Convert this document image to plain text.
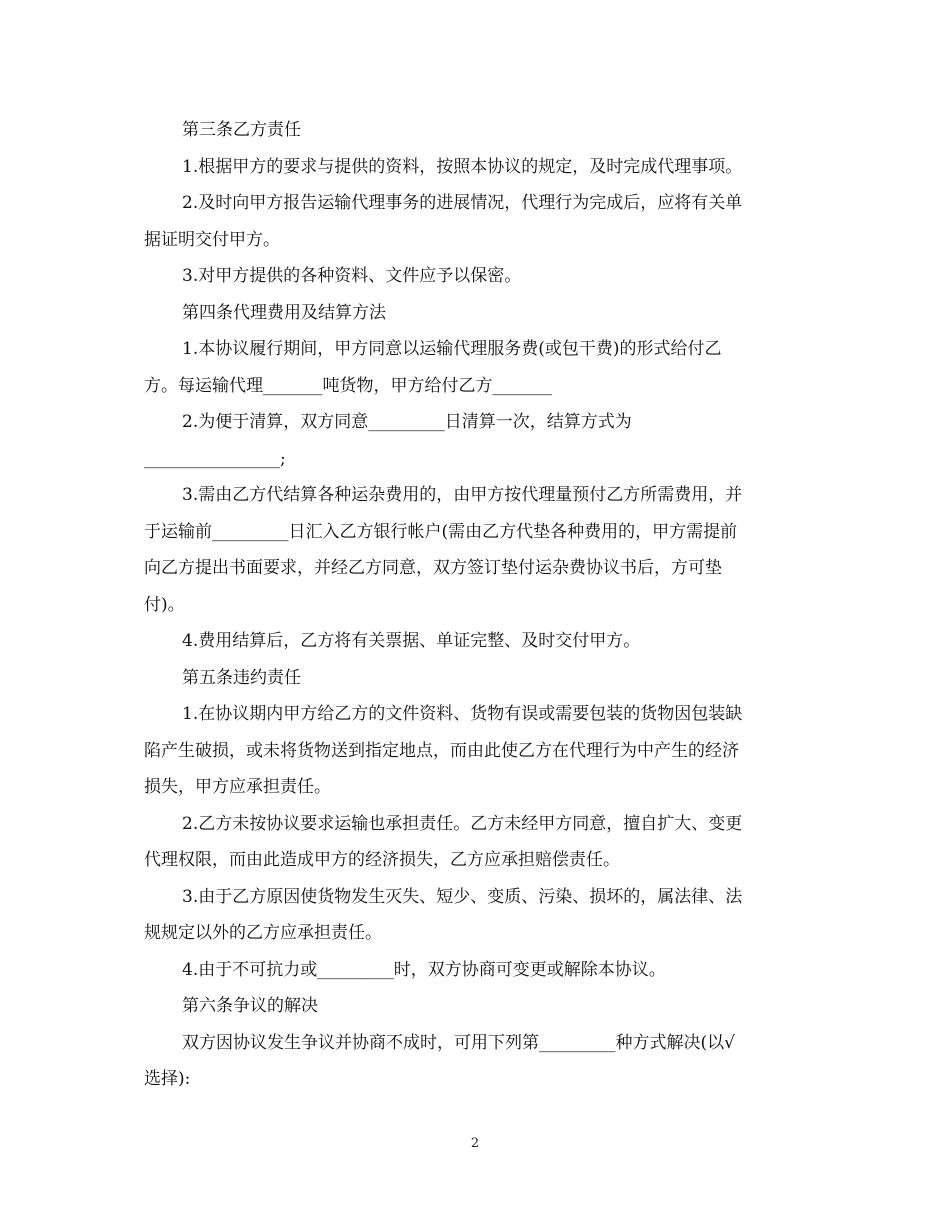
第三条乙方责任

1.根据甲方的要求与提供的资料，按照本协议的规定，及时完成代理事项。

2.及时向甲方报告运输代理事务的进展情况，代理行为完成后，应将有关单

据证明交付甲方。

3.对甲方提供的各种资料、文件应予以保密。

第四条代理费用及结算方法

1.本协议履行期间，甲方同意以运输代理服务费(或包干费)的形式给付乙

方。每运输代理_______吨货物，甲方给付乙方_______

2.为便于清算，双方同意_________日清算一次，结算方式为

________________;

3.需由乙方代结算各种运杂费用的，由甲方按代理量预付乙方所需费用，并

于运输前_________日汇入乙方银行帐户(需由乙方代垫各种费用的，甲方需提前

向乙方提出书面要求，并经乙方同意，双方签订垫付运杂费协议书后，方可垫

付)。

4.费用结算后，乙方将有关票据、单证完整、及时交付甲方。

第五条违约责任

1.在协议期内甲方给乙方的文件资料、货物有误或需要包装的货物因包装缺

陷产生破损，或未将货物送到指定地点，而由此使乙方在代理行为中产生的经济

损失，甲方应承担责任。

2.乙方未按协议要求运输也承担责任。乙方未经甲方同意，擅自扩大、变更

代理权限，而由此造成甲方的经济损失，乙方应承担赔偿责任。

3.由于乙方原因使货物发生灭失、短少、变质、污染、损坏的，属法律、法

规规定以外的乙方应承担责任。

4.由于不可抗力或_________时，双方协商可变更或解除本协议。

第六条争议的解决

双方因协议发生争议并协商不成时，可用下列第_________种方式解决(以√

选择):

2
